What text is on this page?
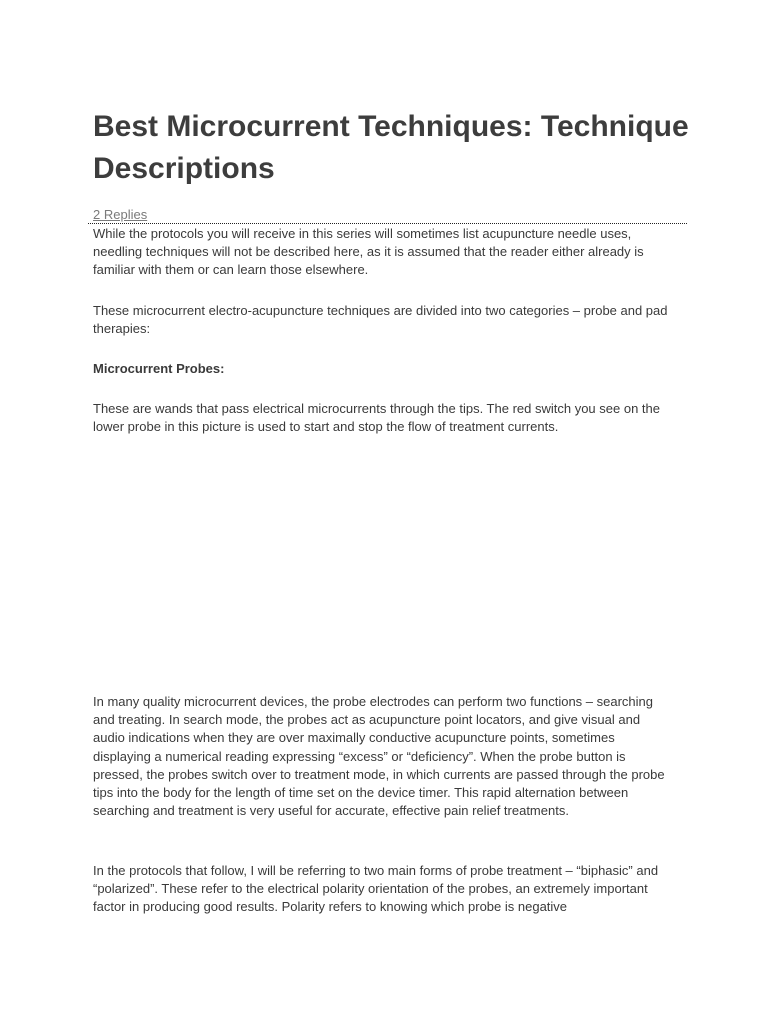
Best Microcurrent Techniques: Technique Descriptions
2 Replies

While the protocols you will receive in this series will sometimes list acupuncture needle uses, needling techniques will not be described here, as it is assumed that the reader either already is familiar with them or can learn those elsewhere.

These microcurrent electro-acupuncture techniques are divided into two categories – probe and pad therapies:

Microcurrent Probes:

These are wands that pass electrical microcurrents through the tips. The red switch you see on the lower probe in this picture is used to start and stop the flow of treatment currents.

In many quality microcurrent devices, the probe electrodes can perform two functions – searching and treating. In search mode, the probes act as acupuncture point locators, and give visual and audio indications when they are over maximally conductive acupuncture points, sometimes displaying a numerical reading expressing “excess” or “deficiency”. When the probe button is pressed, the probes switch over to treatment mode, in which currents are passed through the probe tips into the body for the length of time set on the device timer. This rapid alternation between searching and treatment is very useful for accurate, effective pain relief treatments.

In the protocols that follow, I will be referring to two main forms of probe treatment – “biphasic” and “polarized”. These refer to the electrical polarity orientation of the probes, an extremely important factor in producing good results. Polarity refers to knowing which probe is negative
